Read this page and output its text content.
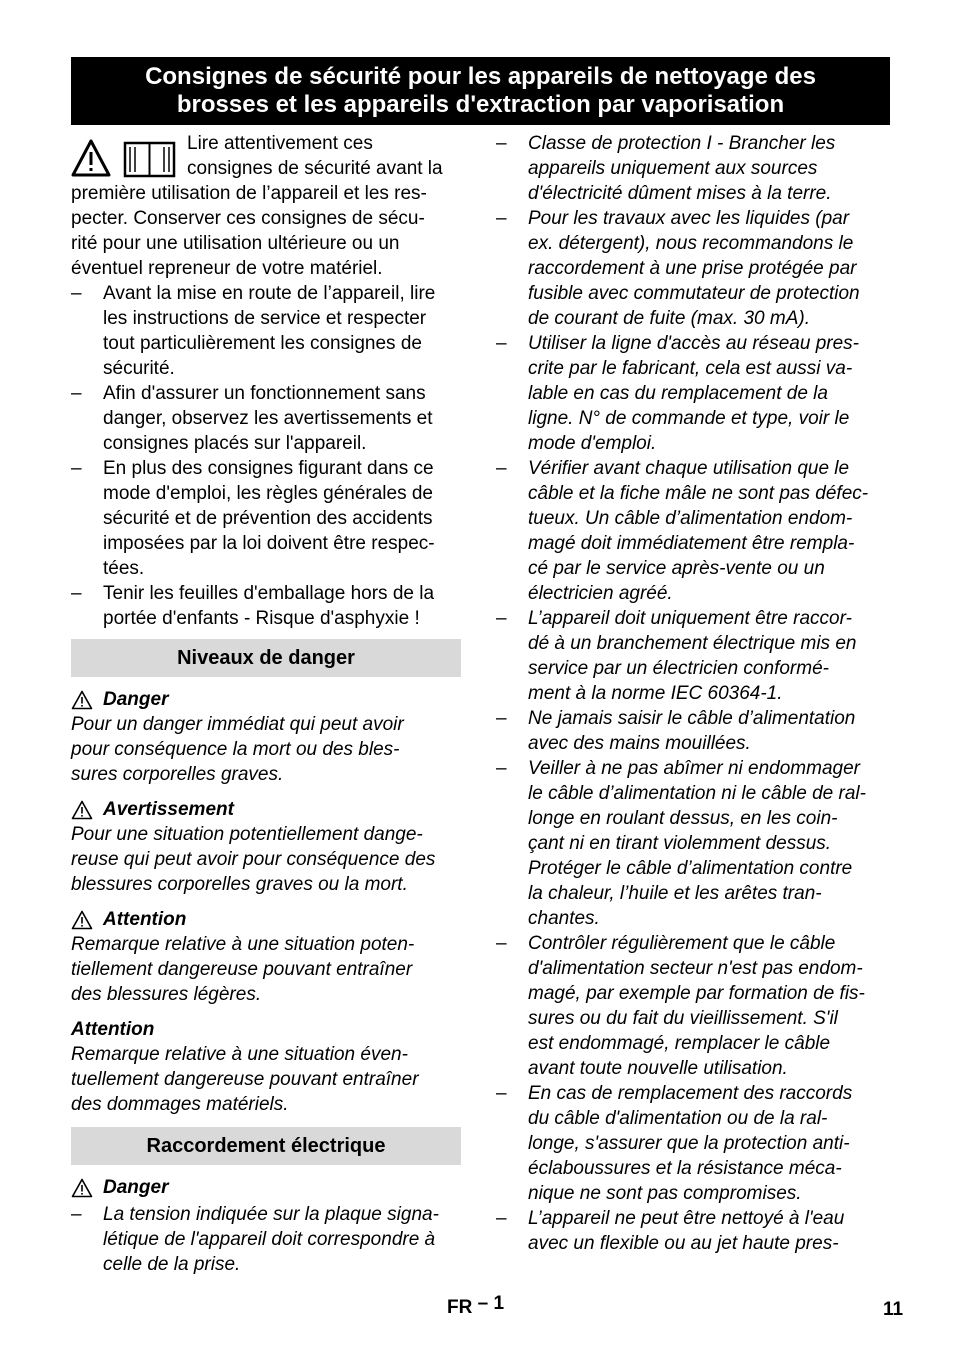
Consignes de sécurité pour les appareils de nettoyage des
brosses et les appareils d'extraction par vaporisation
Lire attentivement ces
consignes de sécurité avant la
première utilisation de l’appareil et les res-
pecter. Conserver ces consignes de sécu-
rité pour une utilisation ultérieure ou un
éventuel repreneur de votre matériel.
– Avant la mise en route de l’appareil, lire
les instructions de service et respecter
tout particulièrement les consignes de
sécurité.
– Afin d'assurer un fonctionnement sans
danger, observez les avertissements et
consignes placés sur l'appareil.
– En plus des consignes figurant dans ce
mode d'emploi, les règles générales de
sécurité et de prévention des accidents
imposées par la loi doivent être respec-
tées.
– Tenir les feuilles d'emballage hors de la
portée d'enfants - Risque d'asphyxie !
Niveaux de danger
Danger
Pour un danger immédiat qui peut avoir
pour conséquence la mort ou des bles-
sures corporelles graves.
Avertissement
Pour une situation potentiellement dange-
reuse qui peut avoir pour conséquence des
blessures corporelles graves ou la mort.
Attention
Remarque relative à une situation poten-
tiellement dangereuse pouvant entraîner
des blessures légères.
Attention
Remarque relative à une situation éven-
tuellement dangereuse pouvant entraîner
des dommages matériels.
Raccordement électrique
Danger
– La tension indiquée sur la plaque signa-
létique de l'appareil doit correspondre à
celle de la prise.
– Classe de protection I - Brancher les
appareils uniquement aux sources
d'électricité dûment mises à la terre.
– Pour les travaux avec les liquides (par
ex. détergent), nous recommandons le
raccordement à une prise protégée par
fusible avec commutateur de protection
de courant de fuite (max. 30 mA).
– Utiliser la ligne d'accès au réseau pres-
crite par le fabricant, cela est aussi va-
lable en cas du remplacement de la
ligne. N° de commande et type, voir le
mode d'emploi.
– Vérifier avant chaque utilisation que le
câble et la fiche mâle ne sont pas défec-
tueux. Un câble d’alimentation endom-
magé doit immédiatement être rempla-
cé par le service après-vente ou un
électricien agréé.
– L’appareil doit uniquement être raccor-
dé à un branchement électrique mis en
service par un électricien conformé-
ment à la norme IEC 60364-1.
– Ne jamais saisir le câble d’alimentation
avec des mains mouillées.
– Veiller à ne pas abîmer ni endommager
le câble d’alimentation ni le câble de ral-
longe en roulant dessus, en les coin-
çant ni en tirant violemment dessus.
Protéger le câble d’alimentation contre
la chaleur, l’huile et les arêtes tran-
chantes.
– Contrôler régulièrement que le câble
d'alimentation secteur n'est pas endom-
magé, par exemple par formation de fis-
sures ou du fait du vieillissement. S'il
est endommagé, remplacer le câble
avant toute nouvelle utilisation.
– En cas de remplacement des raccords
du câble d'alimentation ou de la ral-
longe, s'assurer que la protection anti-
éclaboussures et la résistance méca-
nique ne sont pas compromises.
– L’appareil ne peut être nettoyé à l'eau
avec un flexible ou au jet haute pres-
FR – 1	11
